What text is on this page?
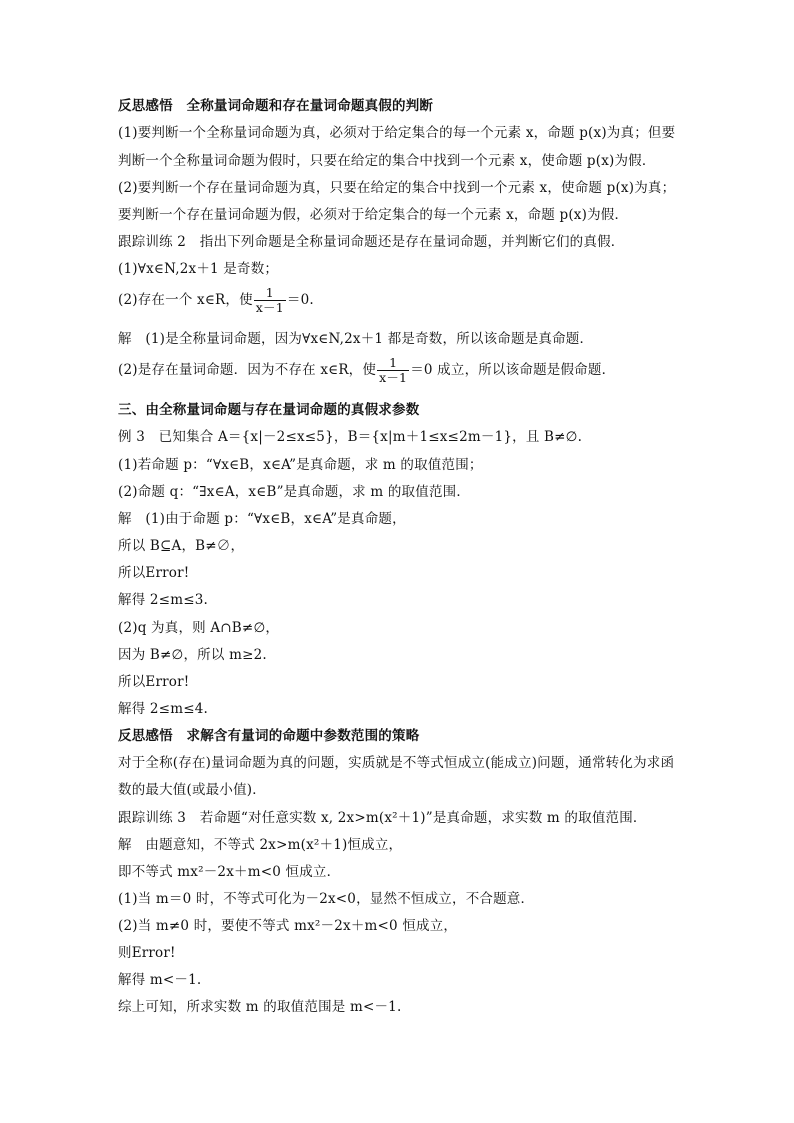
反思感悟　全称量词命题和存在量词命题真假的判断
(1)要判断一个全称量词命题为真，必须对于给定集合的每一个元素 x，命题 p(x)为真；但要
判断一个全称量词命题为假时，只要在给定的集合中找到一个元素 x，使命题 p(x)为假．
(2)要判断一个存在量词命题为真，只要在给定的集合中找到一个元素 x，使命题 p(x)为真；
要判断一个存在量词命题为假，必须对于给定集合的每一个元素 x，命题 p(x)为假．
跟踪训练 2　指出下列命题是全称量词命题还是存在量词命题，并判断它们的真假．
(1)∀x∈N,2x＋1 是奇数；
(2)存在一个 x∈R，使 $\frac{1}{x-1} =0$.
解　(1)是全称量词命题，因为∀x∈N,2x＋1 都是奇数，所以该命题是真命题．
(2)是存在量词命题．因为不存在 x∈R，使 $\frac{1}{x-1} =0$ 成立，所以该命题是假命题．
三、由全称量词命题与存在量词命题的真假求参数
例 3　已知集合 A＝{x|－2≤x≤5}，B＝{x|m＋1≤x≤2m－1}，且 B≠∅.
(1)若命题 p：“∀x∈B，x∈A”是真命题，求 m 的取值范围；
(2)命题 q：“∃x∈A，x∈B”是真命题，求 m 的取值范围．
解　(1)由于命题 p：“∀x∈B，x∈A”是真命题，
所以 B⊆A，B≠∅，
所以Error!
解得 2≤m≤3.
(2)q 为真，则 A∩B≠∅，
因为 B≠∅，所以 m≥2.
所以Error!
解得 2≤m≤4.
反思感悟　求解含有量词的命题中参数范围的策略
对于全称(存在)量词命题为真的问题，实质就是不等式恒成立(能成立)问题，通常转化为求函
数的最大值(或最小值)．
跟踪训练 3　若命题“对任意实数 x, 2x>m(x²＋1)”是真命题，求实数 m 的取值范围．
解　由题意知，不等式 2x>m(x²＋1)恒成立，
即不等式 mx²－2x＋m<0 恒成立．
(1)当 m＝0 时，不等式可化为－2x<0，显然不恒成立，不合题意．
(2)当 m≠0 时，要使不等式 mx²－2x＋m<0 恒成立，
则Error!
解得 m<－1.
综上可知，所求实数 m 的取值范围是 m<－1.
